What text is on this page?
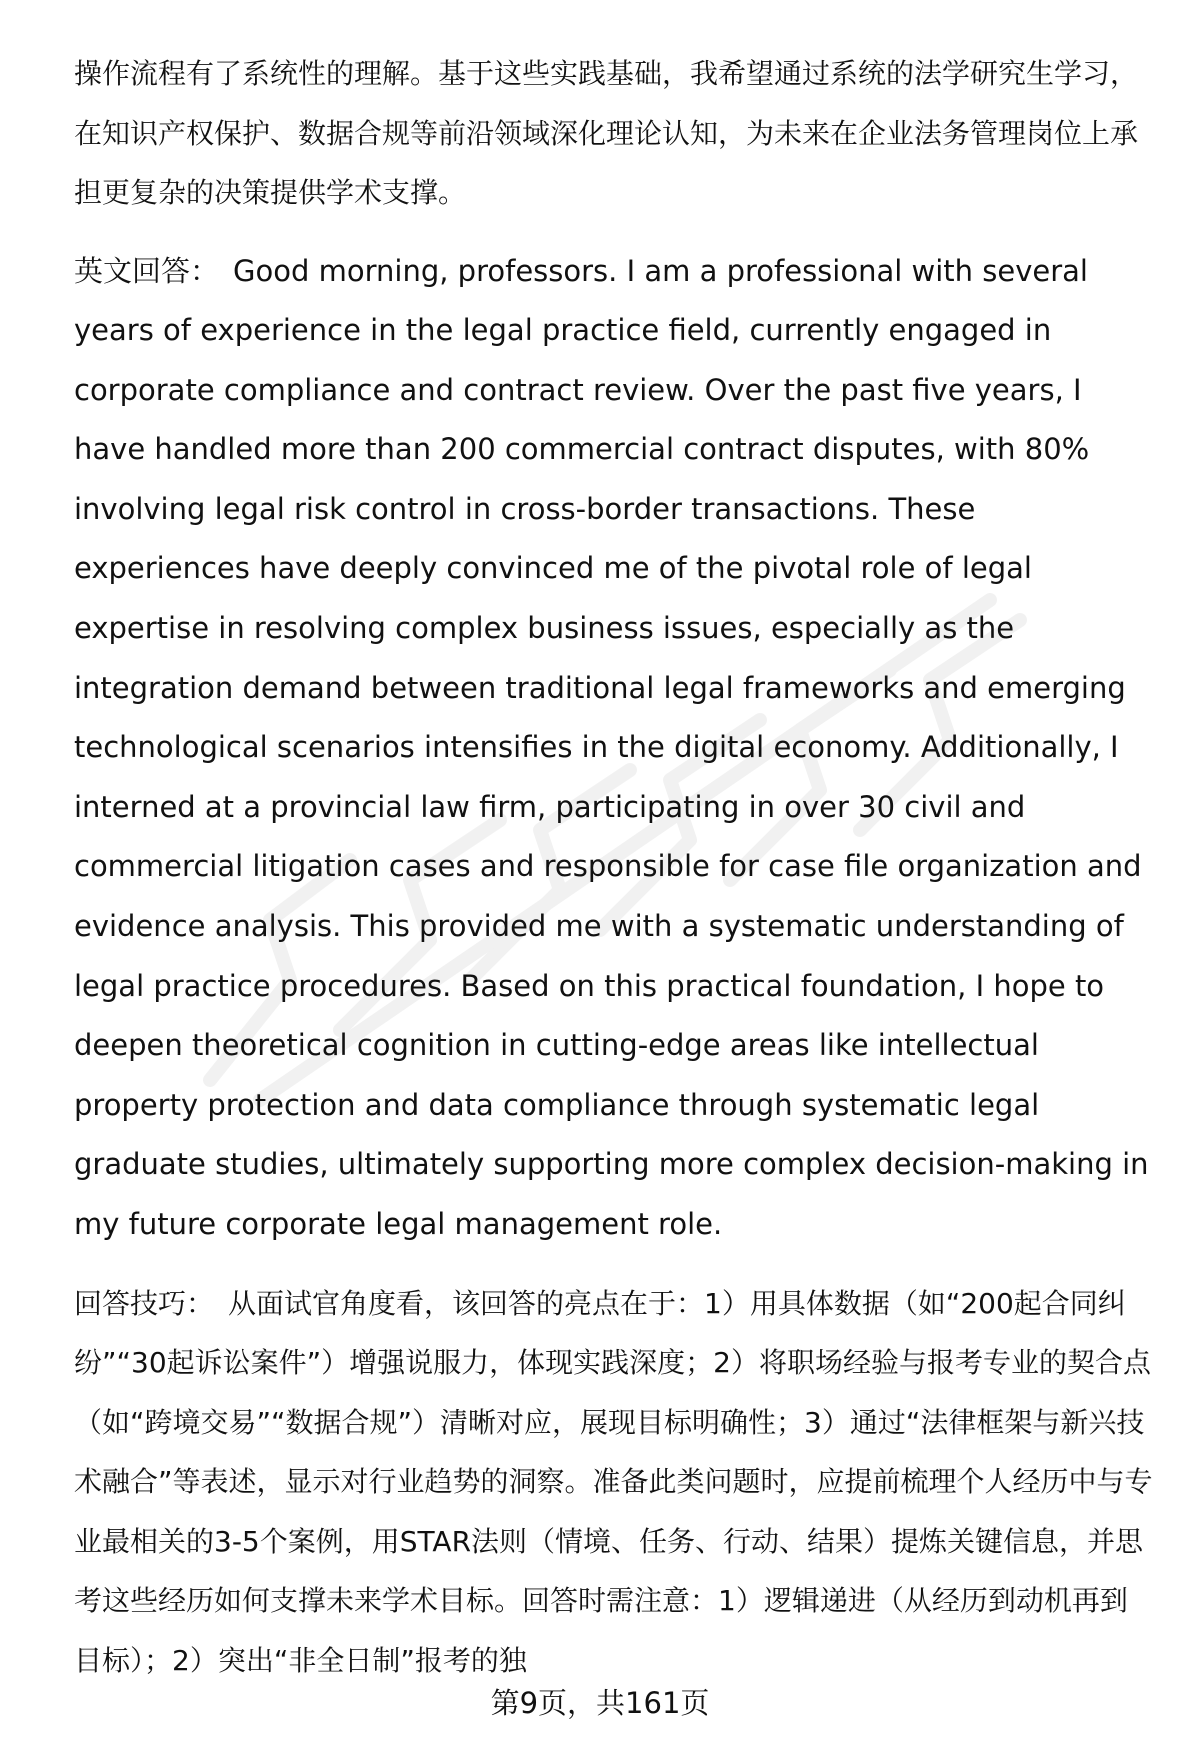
操作流程有了系统性的理解。基于这些实践基础，我希望通过系统的法学研究生学习，在知识产权保护、数据合规等前沿领域深化理论认知，为未来在企业法务管理岗位上承担更复杂的决策提供学术支撑。

英文回答： Good morning, professors. I am a professional with several years of experience in the legal practice field, currently engaged in corporate compliance and contract review. Over the past five years, I have handled more than 200 commercial contract disputes, with 80% involving legal risk control in cross-border transactions. These experiences have deeply convinced me of the pivotal role of legal expertise in resolving complex business issues, especially as the integration demand between traditional legal frameworks and emerging technological scenarios intensifies in the digital economy. Additionally, I interned at a provincial law firm, participating in over 30 civil and commercial litigation cases and responsible for case file organization and evidence analysis. This provided me with a systematic understanding of legal practice procedures. Based on this practical foundation, I hope to deepen theoretical cognition in cutting-edge areas like intellectual property protection and data compliance through systematic legal graduate studies, ultimately supporting more complex decision-making in my future corporate legal management role.

回答技巧： 从面试官角度看，该回答的亮点在于：1）用具体数据（如“200起合同纠纷”“30起诉讼案件”）增强说服力，体现实践深度；2）将职场经验与报考专业的契合点（如“跨境交易”“数据合规”）清晰对应，展现目标明确性；3）通过“法律框架与新兴技术融合”等表述，显示对行业趋势的洞察。准备此类问题时，应提前梳理个人经历中与专业最相关的3-5个案例，用STAR法则（情境、任务、行动、结果）提炼关键信息，并思考这些经历如何支撑未来学术目标。回答时需注意：1）逻辑递进（从经历到动机再到目标）；2）突出“非全日制”报考的独

第9页，共161页
